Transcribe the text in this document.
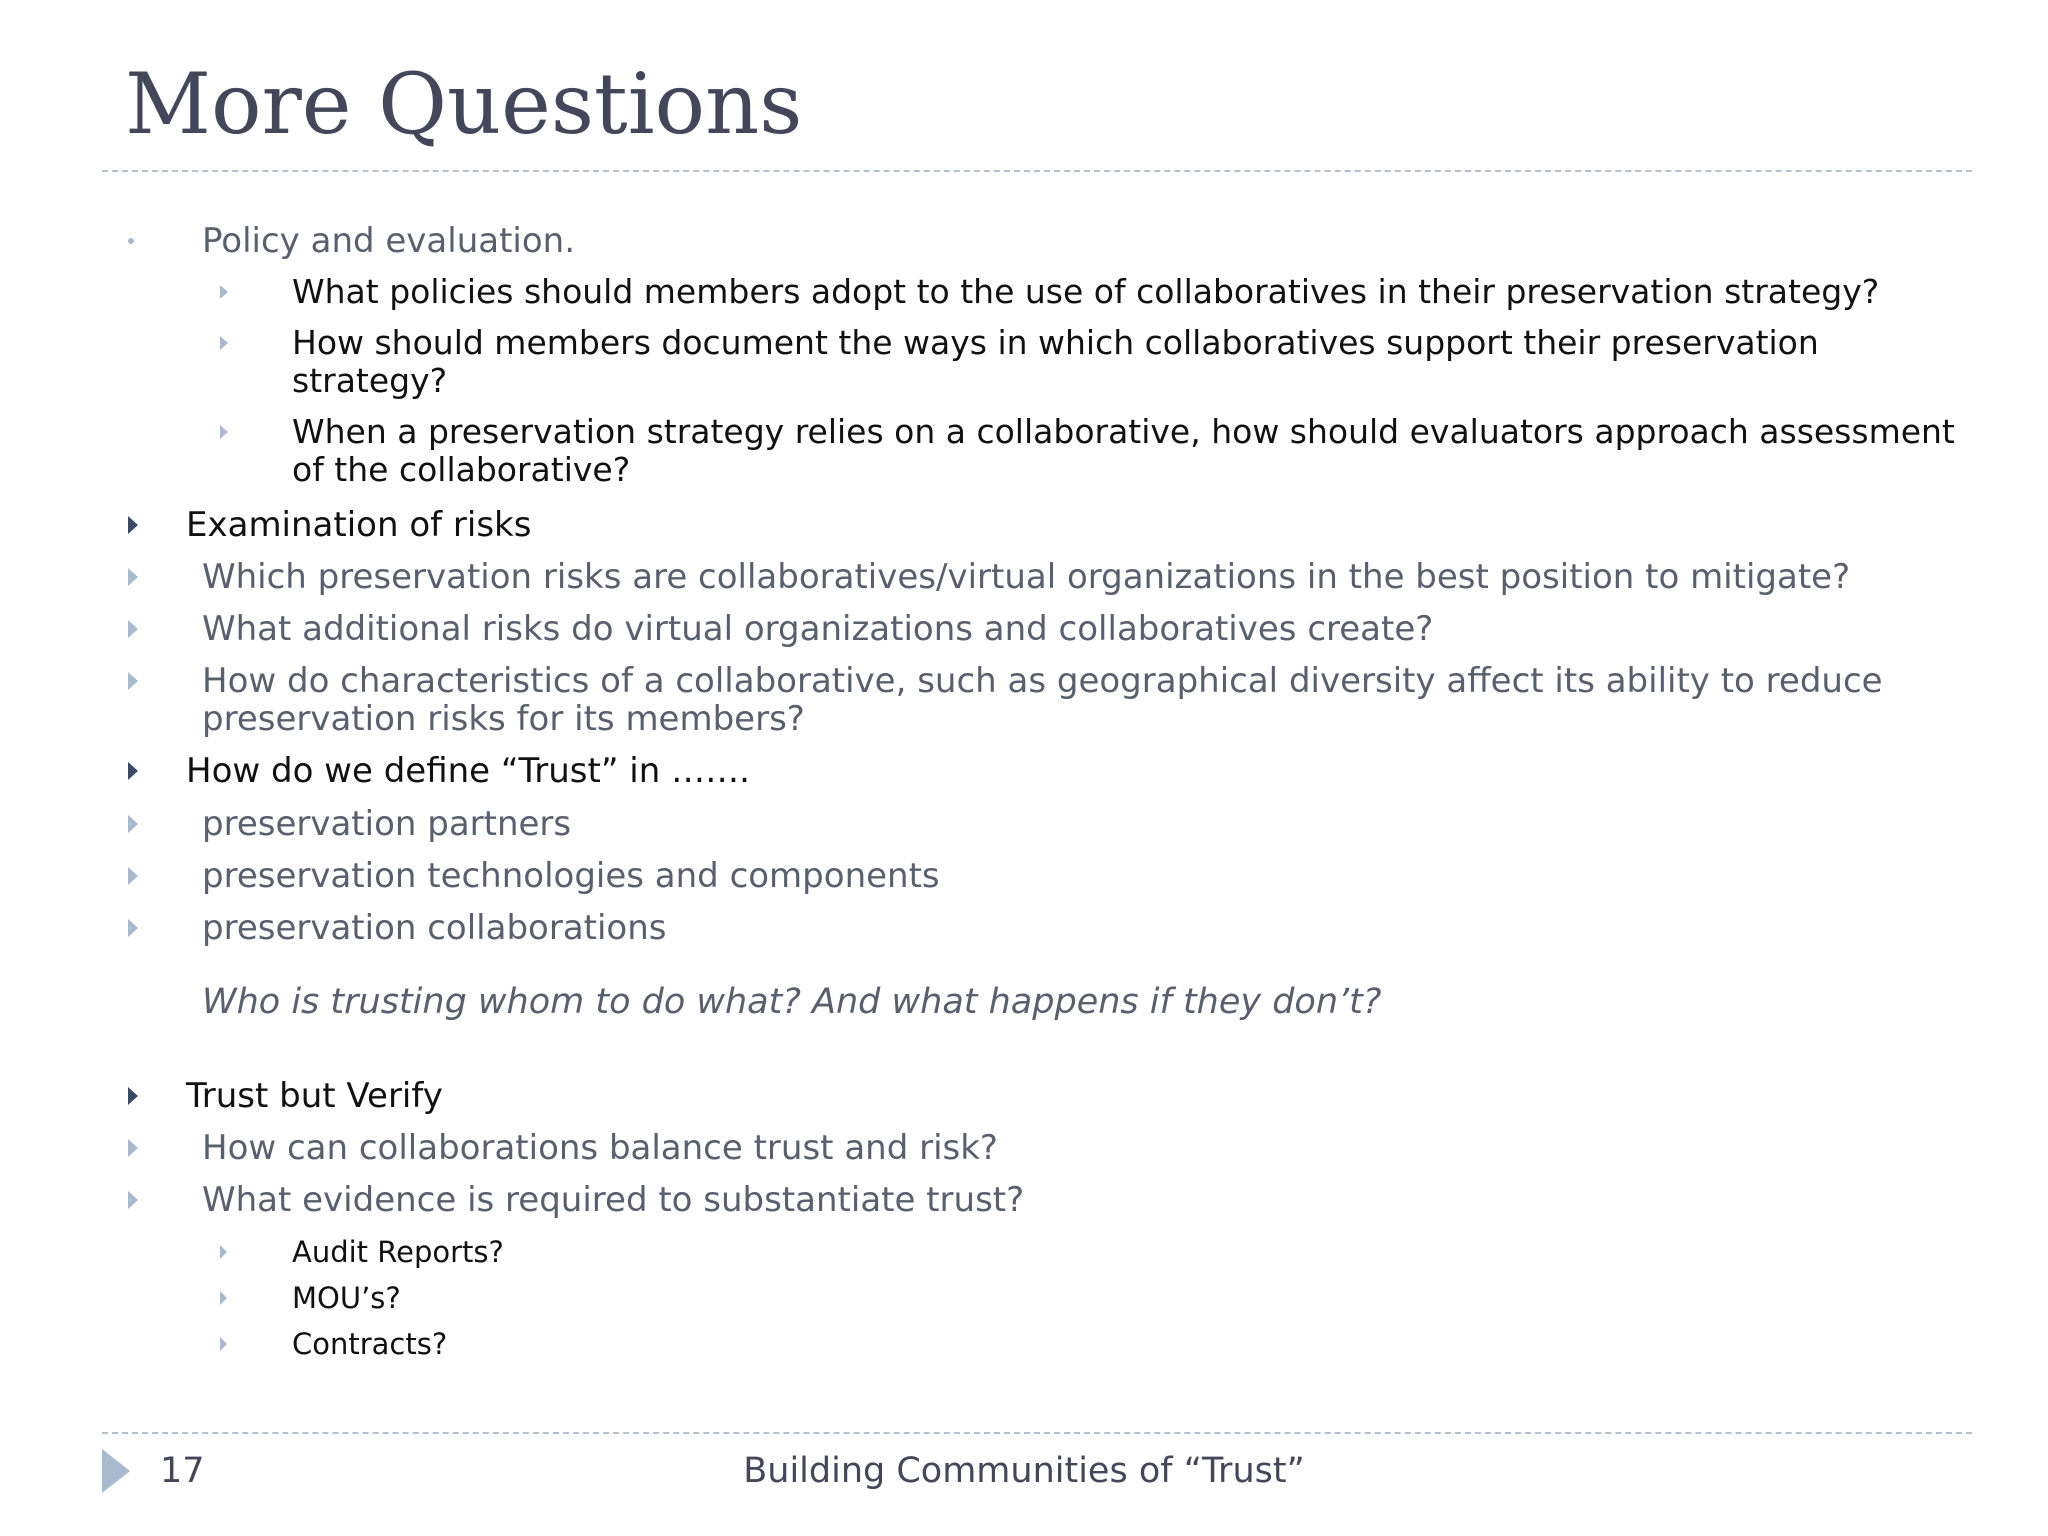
More Questions
Policy and evaluation.
What policies should members adopt to the use of collaboratives in their preservation strategy?
How should members document the ways in which collaboratives support their preservation
strategy?
When a preservation strategy relies on a collaborative, how should evaluators approach assessment
of the collaborative?
Examination of risks
Which preservation risks are collaboratives/virtual organizations in the best position to mitigate?
What additional risks do virtual organizations and collaboratives create?
How do characteristics of a collaborative, such as geographical diversity affect its ability to reduce
preservation risks for its members?
How do we define “Trust” in …….
preservation partners
preservation technologies and components
preservation collaborations
Who is trusting whom to do what? And what happens if they don’t?
Trust but Verify
How can collaborations balance trust and risk?
What evidence is required to substantiate trust?
Audit Reports?
MOU’s?
Contracts?
17	Building Communities of “Trust”
